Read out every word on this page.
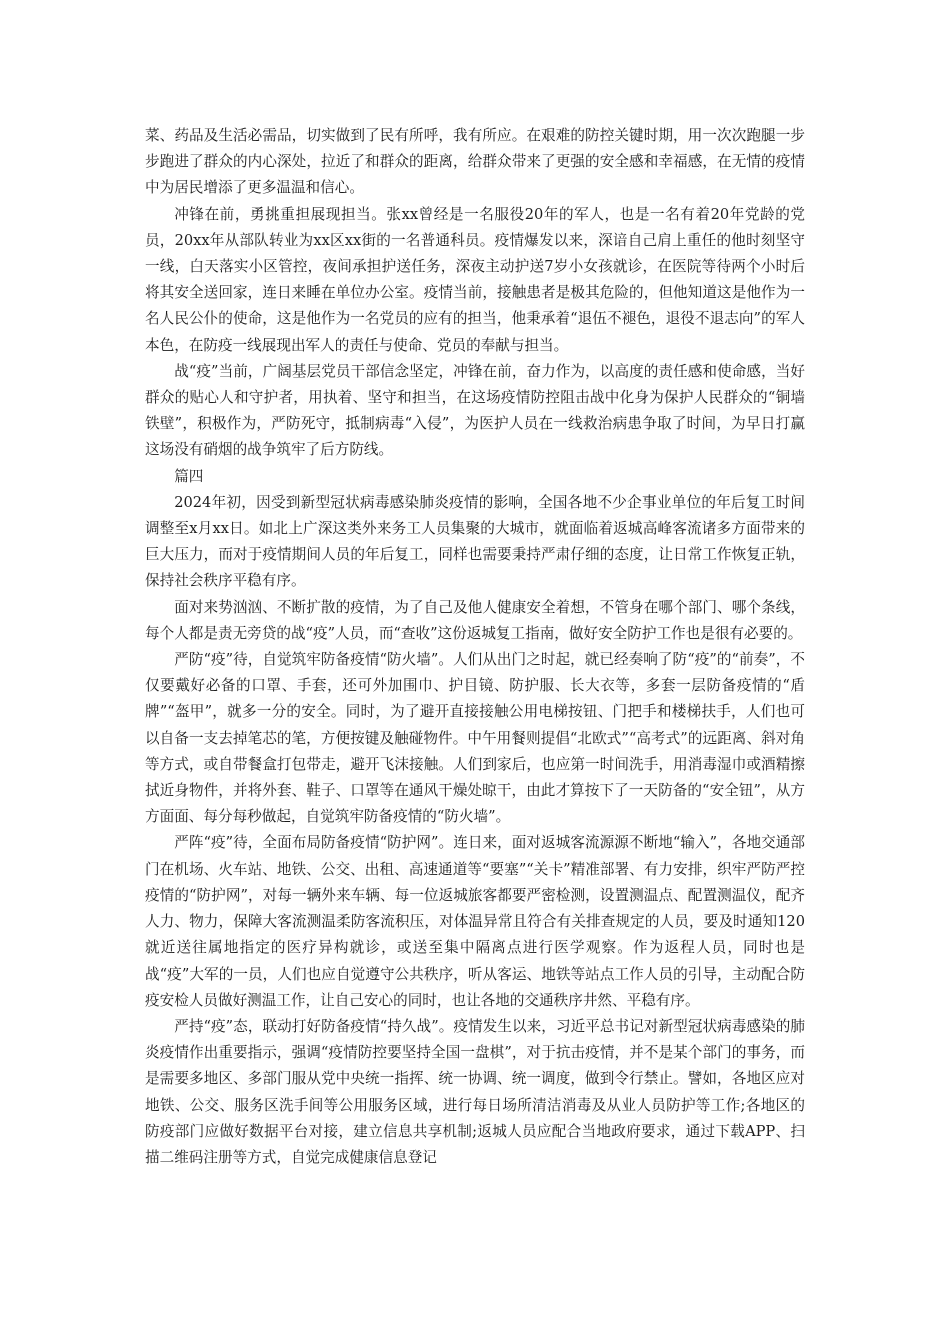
菜、药品及生活必需品，切实做到了民有所呼，我有所应。在艰难的防控关键时期，用一次次跑腿一步步跑进了群众的内心深处，拉近了和群众的距离，给群众带来了更强的安全感和幸福感，在无情的疫情中为居民增添了更多温温和信心。

冲锋在前，勇挑重担展现担当。张xx曾经是一名服役20年的军人，也是一名有着20年党龄的党员，20xx年从部队转业为xx区xx街的一名普通科员。疫情爆发以来，深谙自己肩上重任的他时刻坚守一线，白天落实小区管控，夜间承担护送任务，深夜主动护送7岁小女孩就诊，在医院等待两个小时后将其安全送回家，连日来睡在单位办公室。疫情当前，接触患者是极其危险的，但他知道这是他作为一名人民公仆的使命，这是他作为一名党员的应有的担当，他秉承着“退伍不褪色，退役不退志向”的军人本色，在防疫一线展现出军人的责任与使命、党员的奉献与担当。

战“疫”当前，广阔基层党员干部信念坚定，冲锋在前，奋力作为，以高度的责任感和使命感，当好群众的贴心人和守护者，用执着、坚守和担当，在这场疫情防控阻击战中化身为保护人民群众的“铜墙铁壁”，积极作为，严防死守，抵制病毒“入侵”，为医护人员在一线救治病患争取了时间，为早日打赢这场没有硝烟的战争筑牢了后方防线。

篇四

2024年初，因受到新型冠状病毒感染肺炎疫情的影响，全国各地不少企事业单位的年后复工时间调整至x月xx日。如北上广深这类外来务工人员集聚的大城市，就面临着返城高峰客流诸多方面带来的巨大压力，而对于疫情期间人员的年后复工，同样也需要秉持严肃仔细的态度，让日常工作恢复正轨，保持社会秩序平稳有序。

面对来势汹汹、不断扩散的疫情，为了自己及他人健康安全着想，不管身在哪个部门、哪个条线，每个人都是责无旁贷的战“疫”人员，而“查收”这份返城复工指南，做好安全防护工作也是很有必要的。

严防“疫”待，自觉筑牢防备疫情“防火墙”。人们从出门之时起，就已经奏响了防“疫”的“前奏”，不仅要戴好必备的口罩、手套，还可外加围巾、护目镜、防护服、长大衣等，多套一层防备疫情的“盾牌”“盔甲”，就多一分的安全。同时，为了避开直接接触公用电梯按钮、门把手和楼梯扶手，人们也可以自备一支去掉笔芯的笔，方便按键及触碰物件。中午用餐则提倡“北欧式”“高考式”的远距离、斜对角等方式，或自带餐盒打包带走，避开飞沫接触。人们到家后，也应第一时间洗手，用消毒湿巾或酒精擦拭近身物件，并将外套、鞋子、口罩等在通风干燥处晾干，由此才算按下了一天防备的“安全钮”，从方方面面、每分每秒做起，自觉筑牢防备疫情的“防火墙”。

严阵“疫”待，全面布局防备疫情“防护网”。连日来，面对返城客流源源不断地“输入”，各地交通部门在机场、火车站、地铁、公交、出租、高速通道等“要塞”“关卡”精准部署、有力安排，织牢严防严控疫情的“防护网”，对每一辆外来车辆、每一位返城旅客都要严密检测，设置测温点、配置测温仪，配齐人力、物力，保障大客流测温柔防客流积压，对体温异常且符合有关排查规定的人员，要及时通知120就近送往属地指定的医疗异构就诊，或送至集中隔离点进行医学观察。作为返程人员，同时也是战“疫”大军的一员，人们也应自觉遵守公共秩序，听从客运、地铁等站点工作人员的引导，主动配合防疫安检人员做好测温工作，让自己安心的同时，也让各地的交通秩序井然、平稳有序。

严持“疫”态，联动打好防备疫情“持久战”。疫情发生以来，习近平总书记对新型冠状病毒感染的肺炎疫情作出重要指示，强调“疫情防控要坚持全国一盘棋”，对于抗击疫情，并不是某个部门的事务，而是需要多地区、多部门服从党中央统一指挥、统一协调、统一调度，做到令行禁止。譬如，各地区应对地铁、公交、服务区洗手间等公用服务区域，进行每日场所清洁消毒及从业人员防护等工作;各地区的防疫部门应做好数据平台对接，建立信息共享机制;返城人员应配合当地政府要求，通过下载APP、扫描二维码注册等方式，自觉完成健康信息登记
